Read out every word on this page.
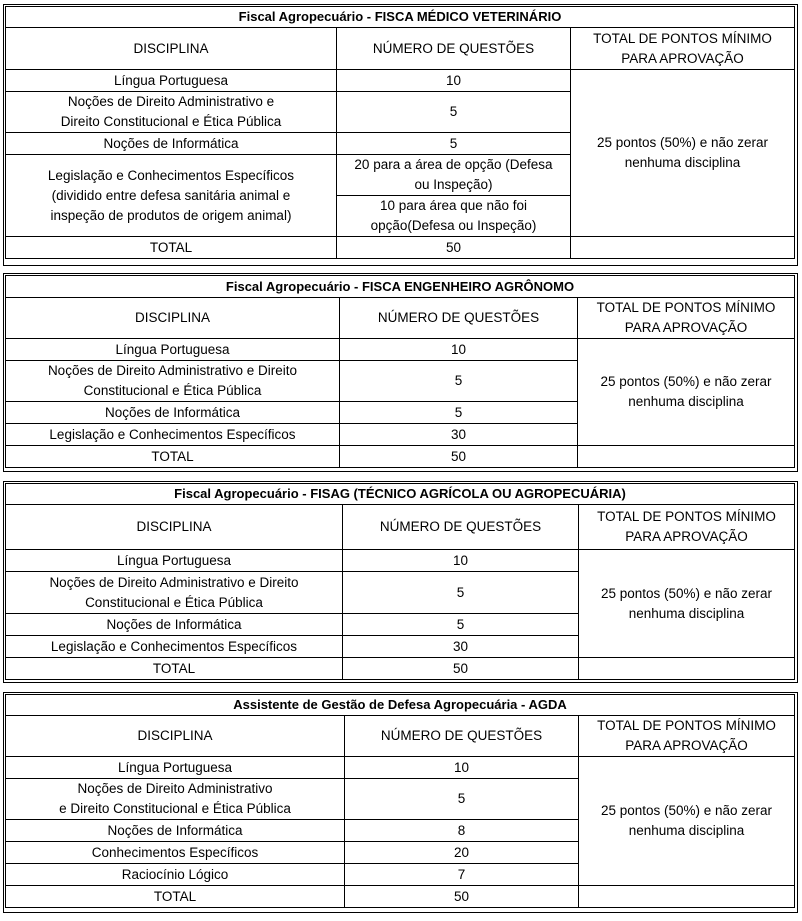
Fiscal Agropecuário - FISCA MÉDICO VETERINÁRIO		
DISCIPLINA	NÚMERO DE QUESTÕES	TOTAL DE PONTOS MÍNIMO
PARA APROVAÇÃO

Língua Portuguesa	10	25 pontos (50%) e não zerar
nenhuma disciplina

Noções de Direito Administrativo e
Direito Constitucional e Ética Pública	5	
Noções de Informática	5	

Legislação e Conhecimentos Específicos
(dividido entre defesa sanitária animal e
inspeção de produtos de origem animal)	20 para a área de opção (Defesa
ou Inspeção)	

	10 para área que não foi
opção(Defesa ou Inspeção)	

TOTAL	50	
Fiscal Agropecuário - FISCA ENGENHEIRO AGRÔNOMO		
DISCIPLINA	NÚMERO DE QUESTÕES	TOTAL DE PONTOS MÍNIMO
PARA APROVAÇÃO

Língua Portuguesa	10	25 pontos (50%) e não zerar
nenhuma disciplina

Noções de Direito Administrativo e Direito
Constitucional e Ética Pública	5	
Noções de Informática	5	
Legislação e Conhecimentos Específicos	30	
TOTAL	50	
Fiscal Agropecuário - FISAG (TÉCNICO AGRÍCOLA OU AGROPECUÁRIA)		
DISCIPLINA	NÚMERO DE QUESTÕES	TOTAL DE PONTOS MÍNIMO
PARA APROVAÇÃO

Língua Portuguesa	10	25 pontos (50%) e não zerar
nenhuma disciplina

Noções de Direito Administrativo e Direito
Constitucional e Ética Pública	5	
Noções de Informática	5	
Legislação e Conhecimentos Específicos	30	
TOTAL	50	
Assistente de Gestão de Defesa Agropecuária - AGDA		
DISCIPLINA	NÚMERO DE QUESTÕES	TOTAL DE PONTOS MÍNIMO
PARA APROVAÇÃO

Língua Portuguesa	10	25 pontos (50%) e não zerar
nenhuma disciplina

Noções de Direito Administrativo
e Direito Constitucional e Ética Pública	5	
Noções de Informática	8	
Conhecimentos Específicos	20	
Raciocínio Lógico	7	
TOTAL	50	
